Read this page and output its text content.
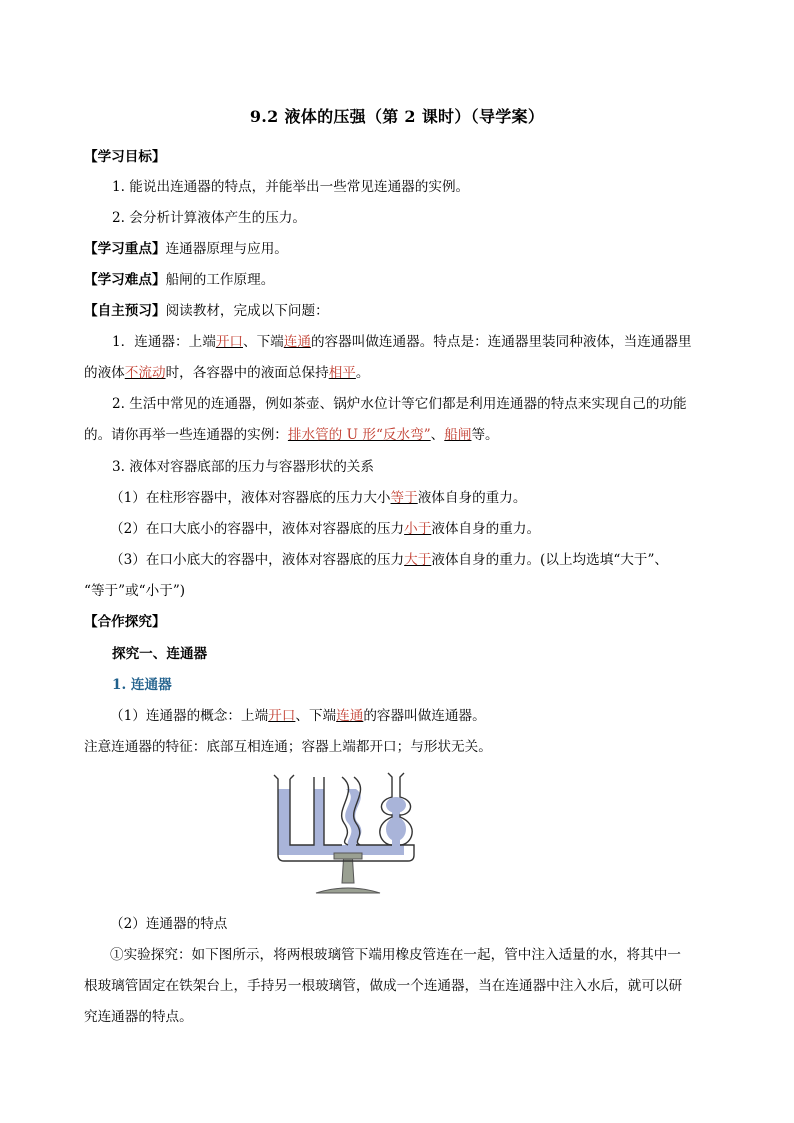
9.2 液体的压强（第 2 课时）（导学案）
【学习目标】
1. 能说出连通器的特点，并能举出一些常见连通器的实例。
2. 会分析计算液体产生的压力。
【学习重点】连通器原理与应用。
【学习难点】船闸的工作原理。
【自主预习】阅读教材，完成以下问题：
1．连通器：上端开口、下端连通的容器叫做连通器。特点是：连通器里装同种液体，当连通器里
的液体不流动时，各容器中的液面总保持相平。
2. 生活中常见的连通器，例如茶壶、锅炉水位计等它们都是利用连通器的特点来实现自己的功能
的。请你再举一些连通器的实例：排水管的 U 形“反水弯”、船闸等。
3. 液体对容器底部的压力与容器形状的关系
（1）在柱形容器中，液体对容器底的压力大小等于液体自身的重力。
（2）在口大底小的容器中，液体对容器底的压力小于液体自身的重力。
（3）在口小底大的容器中，液体对容器底的压力大于液体自身的重力。(以上均选填“大于”、
“等于”或“小于”)
【合作探究】
探究一、连通器
1. 连通器
（1）连通器的概念：上端开口、下端连通的容器叫做连通器。
注意连通器的特征：底部互相连通；容器上端都开口；与形状无关。
（2）连通器的特点
①实验探究：如下图所示，将两根玻璃管下端用橡皮管连在一起，管中注入适量的水，将其中一
根玻璃管固定在铁架台上，手持另一根玻璃管，做成一个连通器，当在连通器中注入水后，就可以研
究连通器的特点。
